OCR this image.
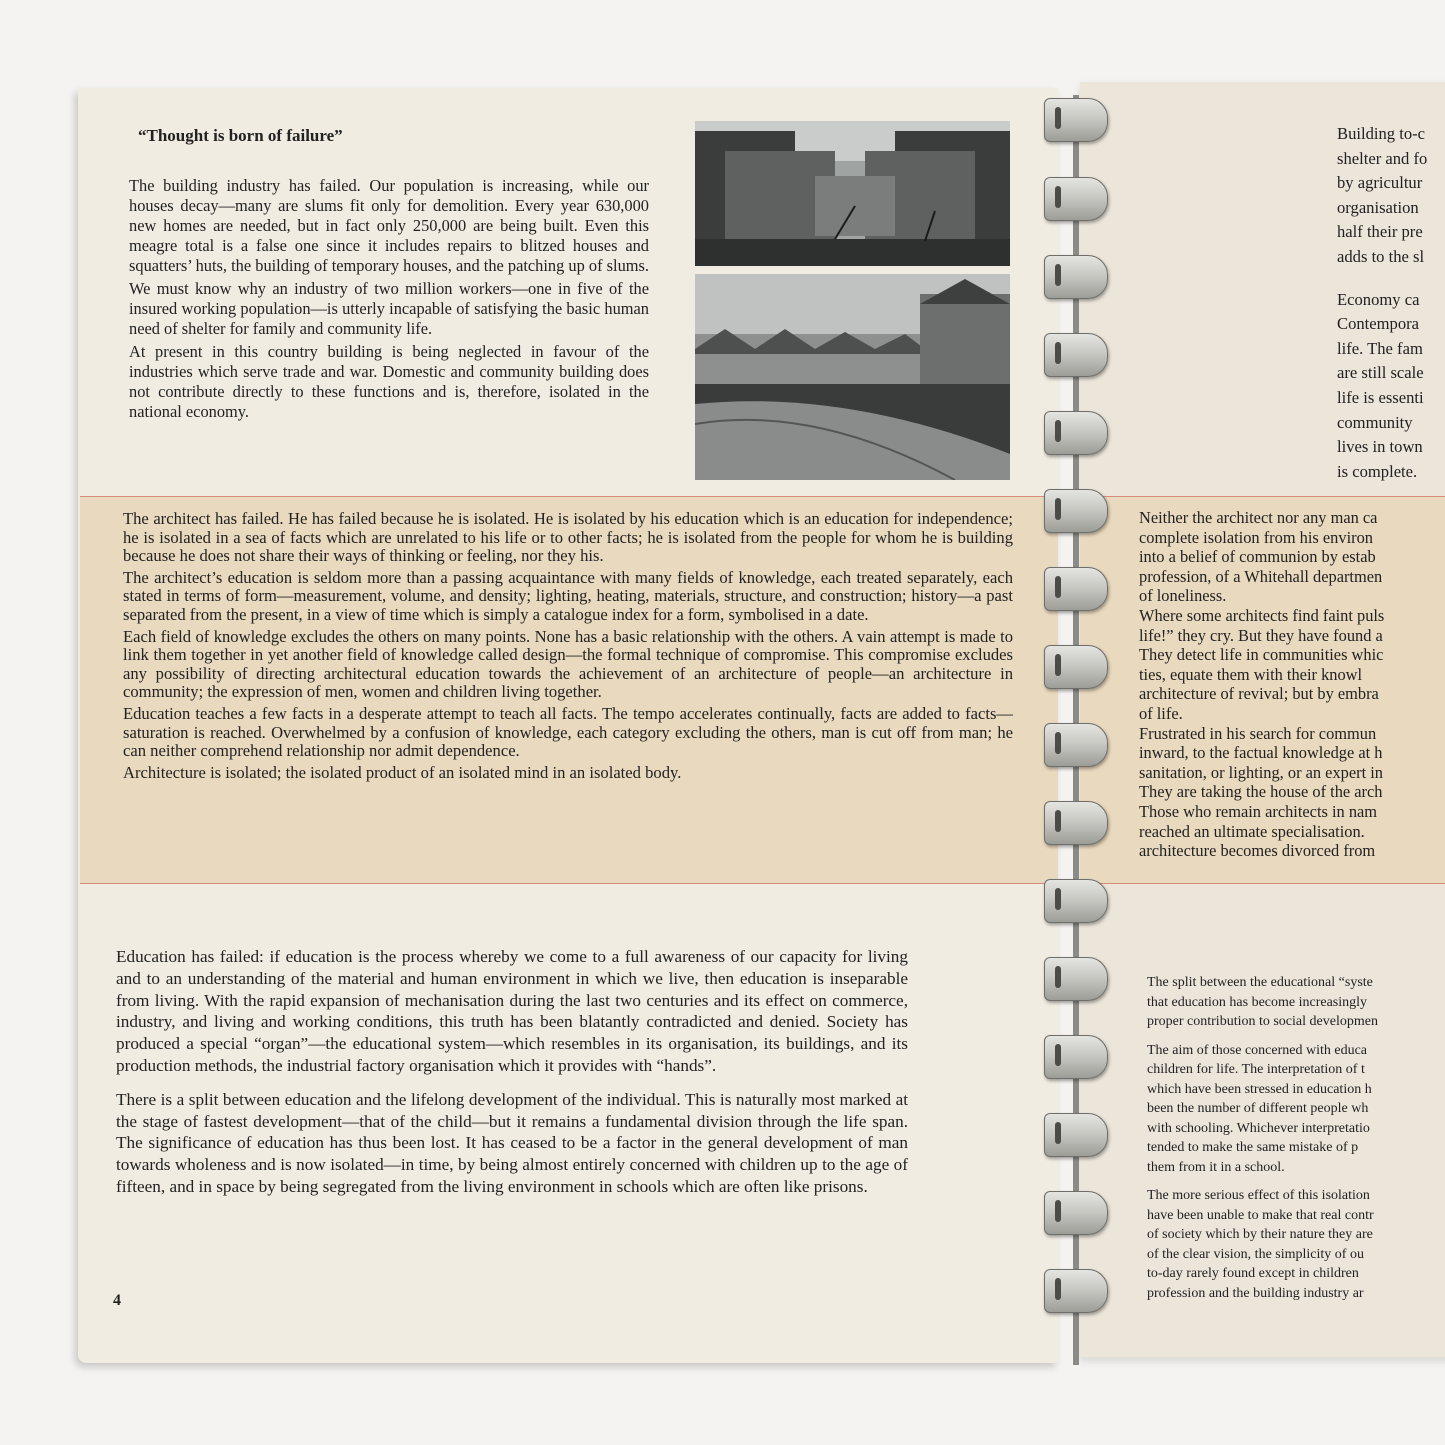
“Thought is born of failure”

The building industry has failed. Our population is increasing, while our houses decay—many are slums fit only for demolition. Every year 630,000 new homes are needed, but in fact only 250,000 are being built. Even this meagre total is a false one since it includes repairs to blitzed houses and squatters’ huts, the building of temporary houses, and the patching up of slums.

We must know why an industry of two million workers—one in five of the insured working population—is utterly incapable of satisfying the basic human need of shelter for family and community life.

At present in this country building is being neglected in favour of the industries which serve trade and war. Domestic and community building does not contribute directly to these functions and is, therefore, isolated in the national economy.

The architect has failed. He has failed because he is isolated. He is isolated by his education which is an education for independence; he is isolated in a sea of facts which are unrelated to his life or to other facts; he is isolated from the people for whom he is building because he does not share their ways of thinking or feeling, nor they his.

The architect’s education is seldom more than a passing acquaintance with many fields of knowledge, each treated separately, each stated in terms of form—measurement, volume, and density; lighting, heating, materials, structure, and construction; history—a past separated from the present, in a view of time which is simply a catalogue index for a form, symbolised in a date.

Each field of knowledge excludes the others on many points. None has a basic relationship with the others. A vain attempt is made to link them together in yet another field of knowledge called design—the formal technique of compromise. This compromise excludes any possibility of directing architectural education towards the achievement of an architecture of people—an architecture in community; the expression of men, women and children living together.

Education teaches a few facts in a desperate attempt to teach all facts. The tempo accelerates continually, facts are added to facts—saturation is reached. Overwhelmed by a confusion of knowledge, each category excluding the others, man is cut off from man; he can neither comprehend relationship nor admit dependence.

Architecture is isolated; the isolated product of an isolated mind in an isolated body.

Education has failed: if education is the process whereby we come to a full awareness of our capacity for living and to an understanding of the material and human environment in which we live, then education is inseparable from living. With the rapid expansion of mechanisation during the last two centuries and its effect on commerce, industry, and living and working conditions, this truth has been blatantly contradicted and denied. Society has produced a special “organ”—the educational system—which resembles in its organisation, its buildings, and its production methods, the industrial factory organisation which it provides with “hands”.

There is a split between education and the lifelong development of the individual. This is naturally most marked at the stage of fastest development—that of the child—but it remains a fundamental division through the life span. The significance of education has thus been lost. It has ceased to be a factor in the general development of man towards wholeness and is now isolated—in time, by being almost entirely concerned with children up to the age of fifteen, and in space by being segregated from the living environment in schools which are often like prisons.

4
Building to-c
shelter and fo
by agricultur
organisation
half their pre
adds to the sl
Economy ca
Contempora
life. The fam
are still scale
life is essenti
community
lives in town
is complete.
Neither the architect nor any man ca
complete isolation from his environ
into a belief of communion by estab
profession, of a Whitehall departmen
of loneliness.
Where some architects find faint puls
life!” they cry. But they have found a
They detect life in communities whic
ties, equate them with their knowl
architecture of revival; but by embra
of life.
Frustrated in his search for commun
inward, to the factual knowledge at h
sanitation, or lighting, or an expert in
They are taking the house of the arch
Those who remain architects in nam
reached an ultimate specialisation.
architecture becomes divorced from
The split between the educational “syste
that education has become increasingly
proper contribution to social developmen
The aim of those concerned with educa
children for life. The interpretation of t
which have been stressed in education h
been the number of different people wh
with schooling. Whichever interpretatio
tended to make the same mistake of p
them from it in a school.
The more serious effect of this isolation
have been unable to make that real contr
of society which by their nature they are
of the clear vision, the simplicity of ou
to-day rarely found except in children
profession and the building industry ar
